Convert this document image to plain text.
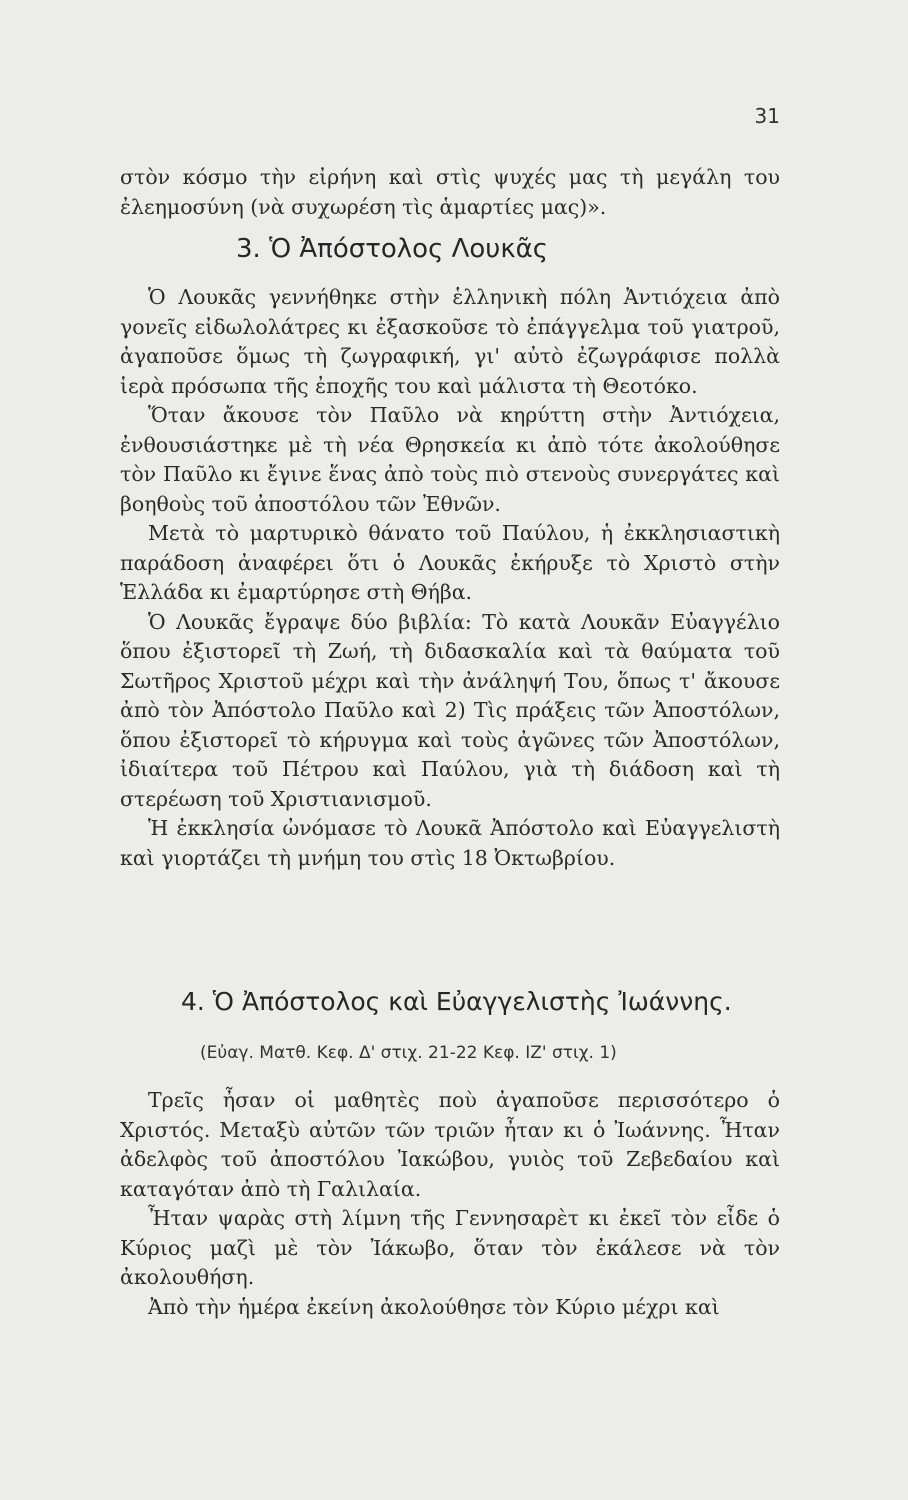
31

στὸν κόσμο τὴν εἰρήνη καὶ στὶς ψυχές μας τὴ μεγάλη του ἐλεημοσύνη (νὰ συχωρέση τὶς ἁμαρτίες μας)».

3. Ὁ Ἀπόστολος Λουκᾶς

Ὁ Λουκᾶς γεννήθηκε στὴν ἑλληνικὴ πόλη Ἀντιόχεια ἀπὸ γονεῖς εἰδωλολάτρες κι ἐξασκοῦσε τὸ ἐπάγγελμα τοῦ γιατροῦ, ἀγαποῦσε ὅμως τὴ ζωγραφική, γι' αὐτὸ ἐζωγράφισε πολλὰ ἱερὰ πρόσωπα τῆς ἐποχῆς του καὶ μάλιστα τὴ Θεοτόκο.

Ὅταν ἄκουσε τὸν Παῦλο νὰ κηρύττη στὴν Ἀντιόχεια, ἐνθουσιάστηκε μὲ τὴ νέα Θρησκεία κι ἀπὸ τότε ἀκολούθησε τὸν Παῦλο κι ἔγινε ἕνας ἀπὸ τοὺς πιὸ στενοὺς συνεργάτες καὶ βοηθοὺς τοῦ ἀποστόλου τῶν Ἐθνῶν.

Μετὰ τὸ μαρτυρικὸ θάνατο τοῦ Παύλου, ἡ ἐκκλησιαστικὴ παράδοση ἀναφέρει ὅτι ὁ Λουκᾶς ἐκήρυξε τὸ Χριστὸ στὴν Ἑλλάδα κι ἐμαρτύρησε στὴ Θήβα.

Ὁ Λουκᾶς ἔγραψε δύο βιβλία: Τὸ κατὰ Λουκᾶν Εὐαγγέλιο ὅπου ἐξιστορεῖ τὴ Ζωή, τὴ διδασκαλία καὶ τὰ θαύματα τοῦ Σωτῆρος Χριστοῦ μέχρι καὶ τὴν ἀνάληψή Του, ὅπως τ' ἄκουσε ἀπὸ τὸν Ἀπόστολο Παῦλο καὶ 2) Τὶς πράξεις τῶν Ἀποστόλων, ὅπου ἐξιστορεῖ τὸ κήρυγμα καὶ τοὺς ἀγῶνες τῶν Ἀποστόλων, ἰδιαίτερα τοῦ Πέτρου καὶ Παύλου, γιὰ τὴ διάδοση καὶ τὴ στερέωση τοῦ Χριστιανισμοῦ.

Ἡ ἐκκλησία ὠνόμασε τὸ Λουκᾶ Ἀπόστολο καὶ Εὐαγγελιστὴ καὶ γιορτάζει τὴ μνήμη του στὶς 18 Ὀκτωβρίου.

4. Ὁ Ἀπόστολος καὶ Εὐαγγελιστὴς Ἰωάννης.
(Εὐαγ. Ματθ. Κεφ. Δ' στιχ. 21-22 Κεφ. ΙΖ' στιχ. 1)

Τρεῖς ἦσαν οἱ μαθητὲς ποὺ ἀγαποῦσε περισσότερο ὁ Χριστός. Μεταξὺ αὐτῶν τῶν τριῶν ἦταν κι ὁ Ἰωάννης. Ἦταν ἀδελφὸς τοῦ ἀποστόλου Ἰακώβου, γυιὸς τοῦ Ζεβεδαίου καὶ καταγόταν ἀπὸ τὴ Γαλιλαία.

Ἦταν ψαρὰς στὴ λίμνη τῆς Γεννησαρὲτ κι ἐκεῖ τὸν εἶδε ὁ Κύριος μαζὶ μὲ τὸν Ἰάκωβο, ὅταν τὸν ἐκάλεσε νὰ τὸν ἀκολουθήση.

Ἀπὸ τὴν ἡμέρα ἐκείνη ἀκολούθησε τὸν Κύριο μέχρι καὶ
